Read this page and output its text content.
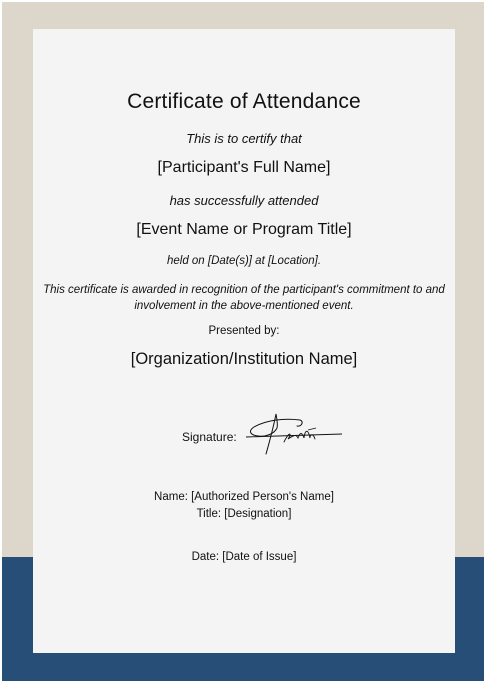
Certificate of Attendance
This is to certify that
[Participant's Full Name]
has successfully attended
[Event Name or Program Title]
held on [Date(s)] at [Location].
This certificate is awarded in recognition of the participant's commitment to and involvement in the above-mentioned event.
Presented by:
[Organization/Institution Name]
Signature:
Name: [Authorized Person's Name]
Title: [Designation]
Date: [Date of Issue]
